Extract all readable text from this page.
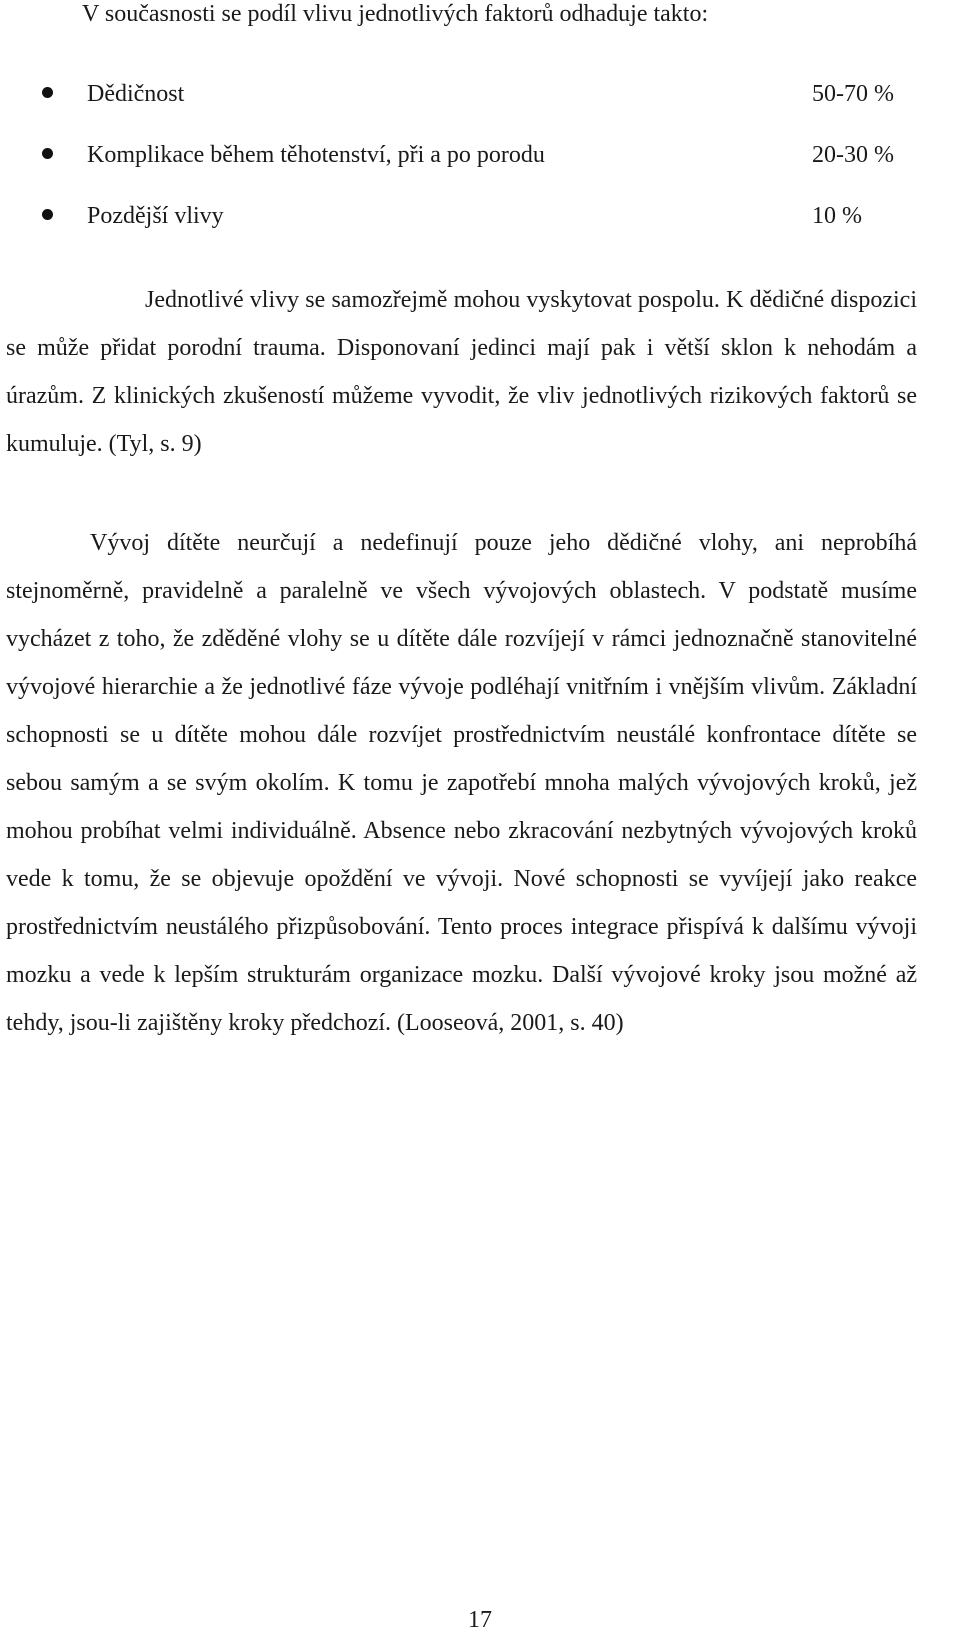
V současnosti se podíl vlivu jednotlivých faktorů odhaduje takto:

Dědičnost	50-70 %
Komplikace během těhotenství, při a po porodu	20-30 %
Pozdější vlivy	10 %

Jednotlivé vlivy se samozřejmě mohou vyskytovat pospolu. K dědičné dispozici se může přidat porodní trauma. Disponovaní jedinci mají pak i větší sklon k nehodám a úrazům. Z klinických zkušeností můžeme vyvodit, že vliv jednotlivých rizikových faktorů se kumuluje. (Tyl, s. 9)

Vývoj dítěte neurčují a nedefinují pouze jeho dědičné vlohy, ani neprobíhá stejnoměrně, pravidelně a paralelně ve všech vývojových oblastech. V podstatě musíme vycházet z toho, že zděděné vlohy se u dítěte dále rozvíjejí v rámci jednoznačně stanovitelné vývojové hierarchie a že jednotlivé fáze vývoje podléhají vnitřním i vnějším vlivům. Základní schopnosti se u dítěte mohou dále rozvíjet prostřednictvím neustálé konfrontace dítěte se sebou samým a se svým okolím. K tomu je zapotřebí mnoha malých vývojových kroků, jež mohou probíhat velmi individuálně. Absence nebo zkracování nezbytných vývojových kroků vede k tomu, že se objevuje opoždění ve vývoji. Nové schopnosti se vyvíjejí jako reakce prostřednictvím neustálého přizpůsobování. Tento proces integrace přispívá k dalšímu vývoji mozku a vede k lepším strukturám organizace mozku. Další vývojové kroky jsou možné až tehdy, jsou-li zajištěny kroky předchozí. (Looseová, 2001, s. 40)

17
